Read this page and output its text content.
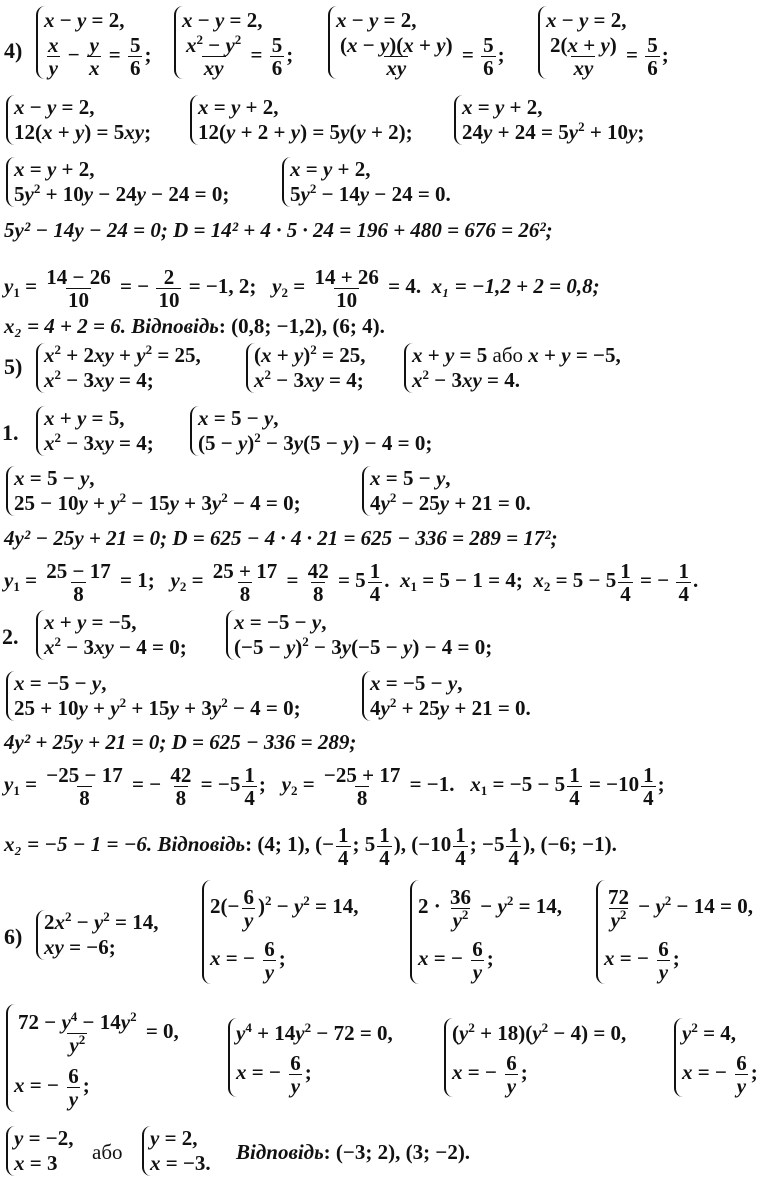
4)
x − y = 2,
$\frac{x}{y} - \frac{y}{x} = \frac{5}{6}$ ;
x − y = 2,
$\frac{x^2 - y^2}{xy} = \frac{5}{6}$ ;
x − y = 2,
$\frac{(x - y)(x + y)}{xy} = \frac{5}{6}$ ;
x − y = 2,
$\frac{2(x + y)}{xy} = \frac{5}{6}$ ;
x − y = 2,
12(x + y) = 5xy;
x = y + 2,
12(y + 2 + y) = 5y(y + 2);
x = y + 2,
$24y + 24 = 5y^2 + 10y$;
x = y + 2,
$5y^2 + 10y - 24y - 24 = 0$;
x = y + 2,
$5y^2 - 14y - 24 = 0$.
5y² − 14y − 24 = 0; D = 14² + 4 · 5 · 24 = 196 + 480 = 676 = 26²;
$y_1 = \frac{14 - 26}{10}$ = − $\frac{2}{10} = -1$, 2;   $y_2 = \frac{14 + 26}{10} = 4$.  x₁ = −1,2 + 2 = 0,8;
x₂ = 4 + 2 = 6. Відповідь: (0,8; −1,2), (6; 4).
5) $x^2 + 2xy + y^2 = 25$,
$x^2 - 3xy = 4$;
$(x + y)^2 = 25$,
$x^2 - 3xy = 4$;
x + y = 5 або x + y = −5,
$x^2 - 3xy = 4$.
1.
x + y = 5,
$x^2 - 3xy = 4$;
x = 5 − y,
$(5 - y)^2 - 3y(5 - y) - 4 = 0$;
x = 5 − y,
$25 - 10y + y^2 - 15y + 3y^2 - 4 = 0$;
x = 5 − y,
$4y^2 - 25y + 21 = 0$.
4y² − 25y + 21 = 0; D = 625 − 4 · 4 · 21 = 625 − 336 = 289 = 17²;
$y_1 = \frac{25 - 17}{8} = 1$;   $y_2 = \frac{25 + 17}{8} = \frac{42}{8} = 5 \frac{1}{4}$ .  $x_1 = 5 - 1 = 4$;  $x_2 = 5 - 5 \frac{1}{4}$ = − $\frac{1}{4}$ .
2.
x + y = −5,
$x^2 - 3xy - 4 = 0$;
x = −5 − y,
$(-5 - y)^2 - 3y(-5 - y) - 4 = 0$;
x = −5 − y,
$25 + 10y + y^2 + 15y + 3y^2 - 4 = 0$;
x = −5 − y,
$4y^2 + 25y + 21 = 0$.
4y² + 25y + 21 = 0; D = 625 − 336 = 289;
$y_1 = \frac{-25 - 17}{8}$ = − $\frac{42}{8} = -5 \frac{1}{4}$ ;   $y_2 = \frac{-25 + 17}{8} = -1$.   $x_1 = -5 - 5 \frac{1}{4} = -10 \frac{1}{4}$ ;
x₂ = −5 − 1 = −6. Відповідь: (4; 1), (− $\frac{1}{4}$ ; $5 \frac{1}{4}$ ), ($-10 \frac{1}{4}$ ; $-5 \frac{1}{4}$ ), (−6; −1).
6)
$2x^2 - y^2 = 14$,
xy = −6;
$2(- \frac{6}{y} )^2 - y^2 = 14$,
x = − $\frac{6}{y}$ ;
$2 \cdot \frac{36}{y^2} - y^2 = 14$,
x = − $\frac{6}{y}$ ;
$\frac{72}{y^2} - y^2 - 14 = 0$,
x = − $\frac{6}{y}$ ;
$\frac{72 - y^4 - 14y^2}{y^2} = 0$,
x = − $\frac{6}{y}$ ;
$y^4 + 14y^2 - 72 = 0$,
x = − $\frac{6}{y}$ ;
$(y^2 + 18)(y^2 - 4) = 0$,
x = − $\frac{6}{y}$ ;
$y^2 = 4$,
x = − $\frac{6}{y}$ ;
y = −2,
x = 3	або
y = 2,
x = −3. Відповідь: (−3; 2), (3; −2).
